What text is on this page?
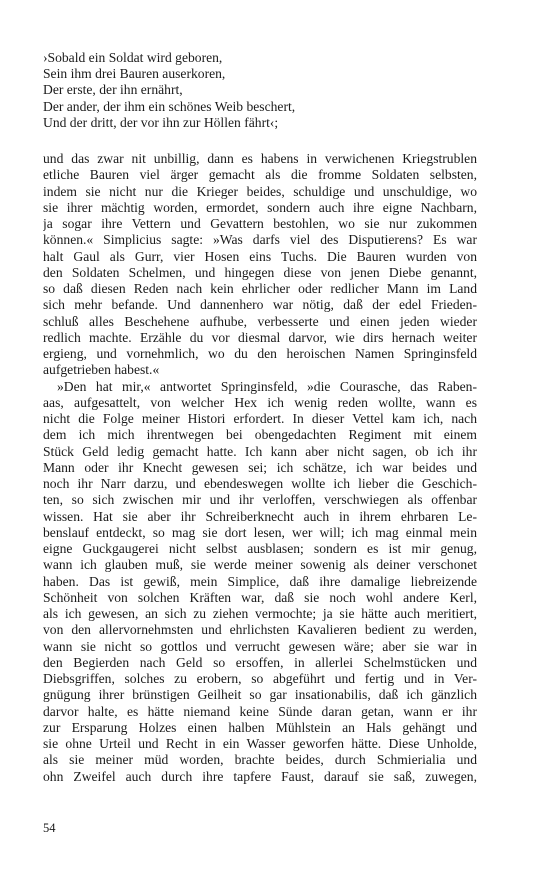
›Sobald ein Soldat wird geboren,
Sein ihm drei Bauren auserkoren,
Der erste, der ihn ernährt,
Der ander, der ihm ein schönes Weib beschert,
Und der dritt, der vor ihn zur Höllen fährt‹;
und das zwar nit unbillig, dann es habens in verwichenen Kriegstrublen
etliche Bauren viel ärger gemacht als die fromme Soldaten selbsten,
indem sie nicht nur die Krieger beides, schuldige und unschuldige, wo
sie ihrer mächtig worden, ermordet, sondern auch ihre eigne Nachbarn,
ja sogar ihre Vettern und Gevattern bestohlen, wo sie nur zukommen
können.« Simplicius sagte: »Was darfs viel des Disputierens? Es war
halt Gaul als Gurr, vier Hosen eins Tuchs. Die Bauren wurden von
den Soldaten Schelmen, und hingegen diese von jenen Diebe genannt,
so daß diesen Reden nach kein ehrlicher oder redlicher Mann im Land
sich mehr befande. Und dannenhero war nötig, daß der edel Frieden-
schluß alles Beschehene aufhube, verbesserte und einen jeden wieder
redlich machte. Erzähle du vor diesmal darvor, wie dirs hernach weiter
ergieng, und vornehmlich, wo du den heroischen Namen Springinsfeld
aufgetrieben habest.«
»Den hat mir,« antwortet Springinsfeld, »die Courasche, das Raben-
aas, aufgesattelt, von welcher Hex ich wenig reden wollte, wann es
nicht die Folge meiner Histori erfordert. In dieser Vettel kam ich, nach
dem ich mich ihrentwegen bei obengedachten Regiment mit einem
Stück Geld ledig gemacht hatte. Ich kann aber nicht sagen, ob ich ihr
Mann oder ihr Knecht gewesen sei; ich schätze, ich war beides und
noch ihr Narr darzu, und ebendeswegen wollte ich lieber die Geschich-
ten, so sich zwischen mir und ihr verloffen, verschwiegen als offenbar
wissen. Hat sie aber ihr Schreiberknecht auch in ihrem ehrbaren Le-
benslauf entdeckt, so mag sie dort lesen, wer will; ich mag einmal mein
eigne Guckgaugerei nicht selbst ausblasen; sondern es ist mir genug,
wann ich glauben muß, sie werde meiner sowenig als deiner verschonet
haben. Das ist gewiß, mein Simplice, daß ihre damalige liebreizende
Schönheit von solchen Kräften war, daß sie noch wohl andere Kerl,
als ich gewesen, an sich zu ziehen vermochte; ja sie hätte auch meritiert,
von den allervornehmsten und ehrlichsten Kavalieren bedient zu werden,
wann sie nicht so gottlos und verrucht gewesen wäre; aber sie war in
den Begierden nach Geld so ersoffen, in allerlei Schelmstücken und
Diebsgriffen, solches zu erobern, so abgeführt und fertig und in Ver-
gnügung ihrer brünstigen Geilheit so gar insationabilis, daß ich gänzlich
darvor halte, es hätte niemand keine Sünde daran getan, wann er ihr
zur Ersparung Holzes einen halben Mühlstein an Hals gehängt und
sie ohne Urteil und Recht in ein Wasser geworfen hätte. Diese Unholde,
als sie meiner müd worden, brachte beides, durch Schmierialia und
ohn Zweifel auch durch ihre tapfere Faust, darauf sie saß, zuwegen,
54
